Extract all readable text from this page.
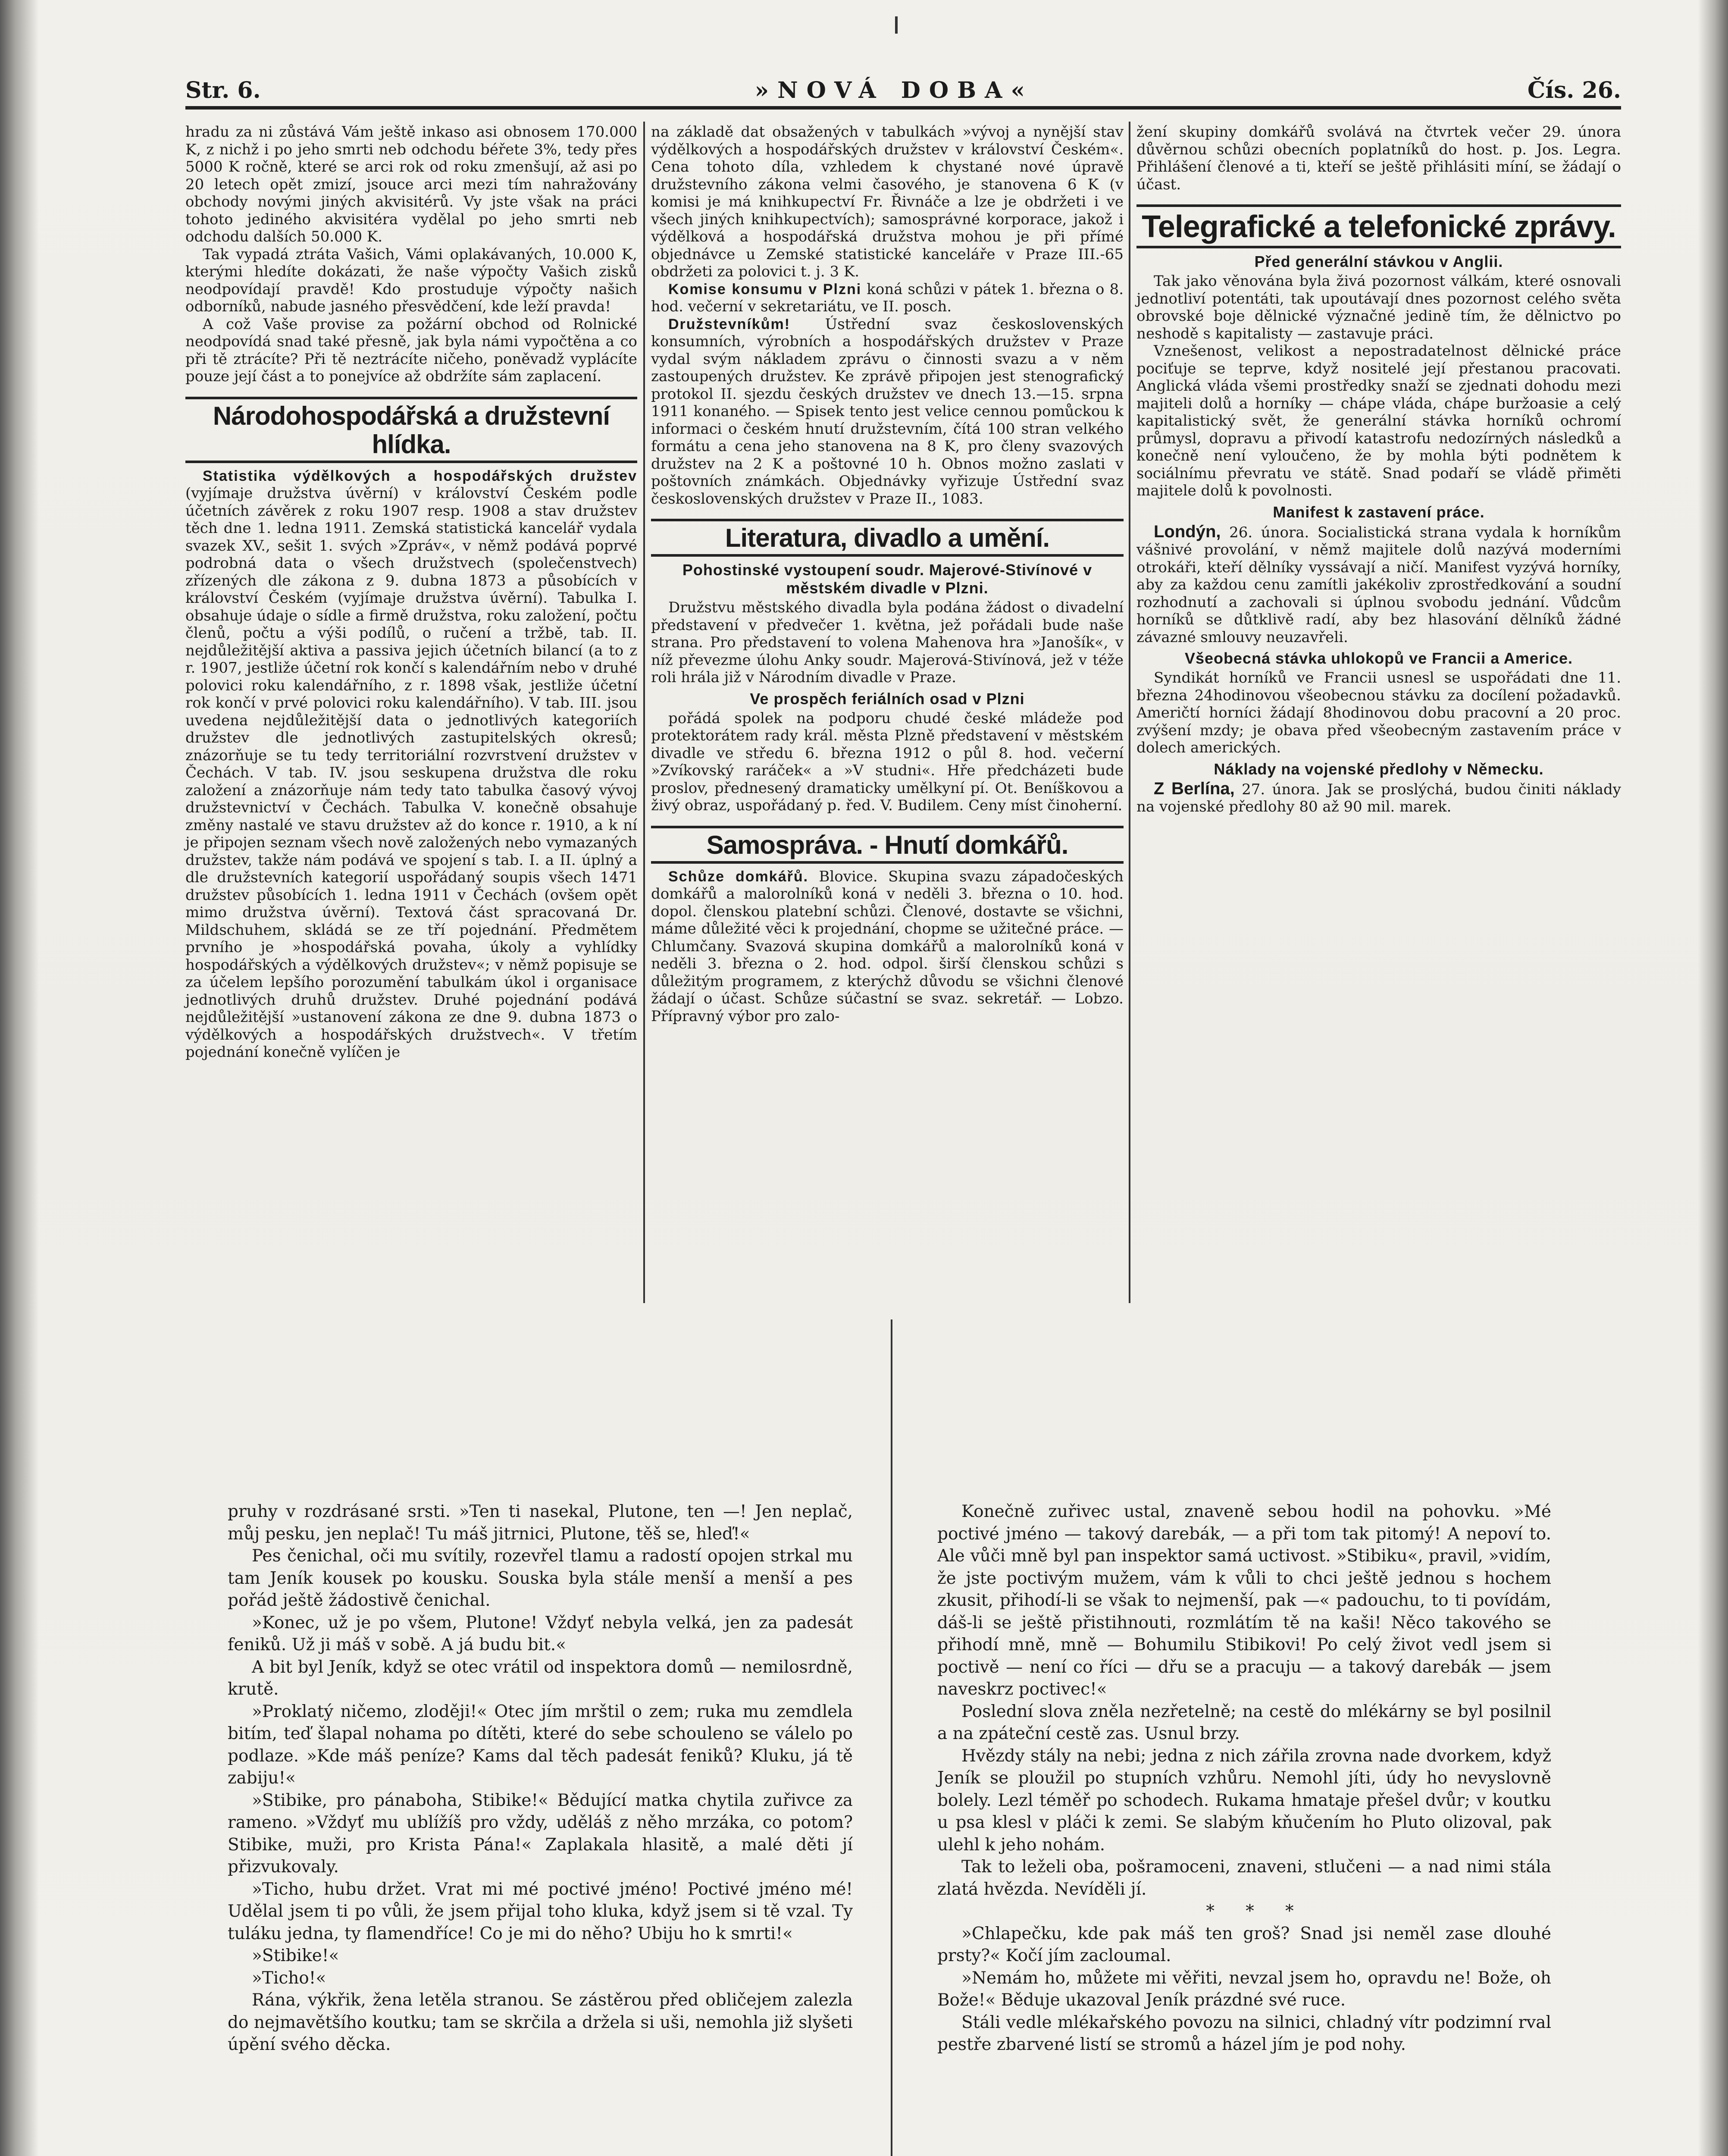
Str. 6.	»NOVÁ DOBA«	Čís. 26.

hradu za ni zůstává Vám ještě inkaso asi obnosem 170.000 K, z nichž i po jeho smrti neb odchodu béřete 3%, tedy přes 5000 K ročně, které se arci rok od roku zmenšují, až asi po 20 letech opět zmizí, jsouce arci mezi tím nahražovány obchody novými jiných akvisitérů. Vy jste však na práci tohoto jediného akvisitéra vydělal po jeho smrti neb odchodu dalších 50.000 K.

Tak vypadá ztráta Vašich, Vámi oplakávaných, 10.000 K, kterými hledíte dokázati, že naše výpočty Vašich zisků neodpovídají pravdě! Kdo prostuduje výpočty našich odborníků, nabude jasného přesvědčení, kde leží pravda!

A což Vaše provise za požární obchod od Rolnické neodpovídá snad také přesně, jak byla námi vypočtěna a co při tě ztrácíte? Při tě neztrácíte ničeho, poněvadž vyplácíte pouze její část a to ponejvíce až obdržíte sám zaplacení.

Národohospodářská a družstevní hlídka.

Statistika výdělkových a hospodářských družstev (vyjímaje družstva úvěrní) v království Českém podle účetních závěrek z roku 1907 resp. 1908 a stav družstev těch dne 1. ledna 1911. Zemská statistická kancelář vydala svazek XV., sešit 1. svých »Zpráv«, v němž podává poprvé podrobná data o všech družstvech (společenstvech) zřízených dle zákona z 9. dubna 1873 a působících v království Českém (vyjímaje družstva úvěrní). Tabulka I. obsahuje údaje o sídle a firmě družstva, roku založení, počtu členů, počtu a výši podílů, o ručení a tržbě, tab. II. nejdůležitější aktiva a passiva jejich účetních bilancí (a to z r. 1907, jestliže účetní rok končí s kalendářním nebo v druhé polovici roku kalendářního, z r. 1898 však, jestliže účetní rok končí v prvé polovici roku kalendářního). V tab. III. jsou uvedena nejdůležitější data o jednotlivých kategoriích družstev dle jednotlivých zastupitelských okresů; znázorňuje se tu tedy territoriální rozvrstvení družstev v Čechách. V tab. IV. jsou seskupena družstva dle roku založení a znázorňuje nám tedy tato tabulka časový vývoj družstevnictví v Čechách. Tabulka V. konečně obsahuje změny nastalé ve stavu družstev až do konce r. 1910, a k ní je připojen seznam všech nově založených nebo vymazaných družstev, takže nám podává ve spojení s tab. I. a II. úplný a dle družstevních kategorií uspořádaný soupis všech 1471 družstev působících 1. ledna 1911 v Čechách (ovšem opět mimo družstva úvěrní). Textová část spracovaná Dr. Mildschuhem, skládá se ze tří pojednání. Předmětem prvního je »hospodářská povaha, úkoly a vyhlídky hospodářských a výdělkových družstev«; v němž popisuje se za účelem lepšího porozumění tabulkám úkol i organisace jednotlivých druhů družstev. Druhé pojednání podává nejdůležitější »ustanovení zákona ze dne 9. dubna 1873 o výdělkových a hospodářských družstvech«. V třetím pojednání konečně vylíčen je

na základě dat obsažených v tabulkách »vývoj a nynější stav výdělkových a hospodářských družstev v království Českém«. Cena tohoto díla, vzhledem k chystané nové úpravě družstevního zákona velmi časového, je stanovena 6 K (v komisi je má knihkupectví Fr. Řivnáče a lze je obdržeti i ve všech jiných knihkupectvích); samosprávné korporace, jakož i výdělková a hospodářská družstva mohou je při přímé objednávce u Zemské statistické kanceláře v Praze III.-65 obdržeti za polovici t. j. 3 K.

Komise konsumu v Plzni koná schůzi v pátek 1. března o 8. hod. večerní v sekretariátu, ve II. posch.

Družstevníkům! Ústřední svaz československých konsumních, výrobních a hospodářských družstev v Praze vydal svým nákladem zprávu o činnosti svazu a v něm zastoupených družstev. Ke zprávě připojen jest stenografický protokol II. sjezdu českých družstev ve dnech 13.—15. srpna 1911 konaného. — Spisek tento jest velice cennou pomůckou k informaci o českém hnutí družstevním, čítá 100 stran velkého formátu a cena jeho stanovena na 8 K, pro členy svazových družstev na 2 K a poštovné 10 h. Obnos možno zaslati v poštovních známkách. Objednávky vyřizuje Ústřední svaz československých družstev v Praze II., 1083.

Literatura, divadlo a umění.
Pohostinské vystoupení soudr. Majerové-Stivínové v městském divadle v Plzni.

Družstvu městského divadla byla podána žádost o divadelní představení v předvečer 1. května, jež pořádali bude naše strana. Pro představení to volena Mahenova hra »Janošík«, v níž převezme úlohu Anky soudr. Majerová-Stivínová, jež v téže roli hrála již v Národním divadle v Praze.

Ve prospěch feriálních osad v Plzni

pořádá spolek na podporu chudé české mládeže pod protektorátem rady král. města Plzně představení v městském divadle ve středu 6. března 1912 o půl 8. hod. večerní »Zvíkovský raráček« a »V studni«. Hře předcházeti bude proslov, přednesený dramaticky umělkyní pí. Ot. Beníškovou a živý obraz, uspořádaný p. řed. V. Budilem. Ceny míst činoherní.

Samospráva. - Hnutí domkářů.

Schůze domkářů. Blovice. Skupina svazu západočeských domkářů a malorolníků koná v neděli 3. března o 10. hod. dopol. členskou platební schůzi. Členové, dostavte se všichni, máme důležité věci k projednání, chopme se užitečné práce. — Chlumčany. Svazová skupina domkářů a malorolníků koná v neděli 3. března o 2. hod. odpol. širší členskou schůzi s důležitým programem, z kterýchž důvodu se všichni členové žádají o účast. Schůze súčastní se svaz. sekretář. — Lobzo. Přípravný výbor pro zalo-

žení skupiny domkářů svolává na čtvrtek večer 29. února důvěrnou schůzi obecních poplatníků do host. p. Jos. Legra. Přihlášení členové a ti, kteří se ještě přihlásiti míní, se žádají o účast.

Telegrafické a telefonické zprávy.
Před generální stávkou v Anglii.

Tak jako věnována byla živá pozornost válkám, které osnovali jednotliví potentáti, tak upoutávají dnes pozornost celého světa obrovské boje dělnické význačné jedině tím, že dělnictvo po neshodě s kapitalisty — zastavuje práci.

Vznešenost, velikost a nepostradatelnost dělnické práce pociťuje se teprve, když nositelé její přestanou pracovati. Anglická vláda všemi prostředky snaží se zjednati dohodu mezi majiteli dolů a horníky — chápe vláda, chápe buržoasie a celý kapitalistický svět, že generální stávka horníků ochromí průmysl, dopravu a přivodí katastrofu nedozírných následků a konečně není vyloučeno, že by mohla býti podnětem k sociálnímu převratu ve státě. Snad podaří se vládě přiměti majitele dolů k povolnosti.

Manifest k zastavení práce.

Londýn, 26. února. Socialistická strana vydala k horníkům vášnivé provolání, v němž majitele dolů nazývá moderními otrokáři, kteří dělníky vyssávají a ničí. Manifest vyzývá horníky, aby za každou cenu zamítli jakékoliv zprostředkování a soudní rozhodnutí a zachovali si úplnou svobodu jednání. Vůdcům horníků se důtklivě radí, aby bez hlasování dělníků žádné závazné smlouvy neuzavřeli.

Všeobecná stávka uhlokopů ve Francii a Americe.

Syndikát horníků ve Francii usnesl se uspořádati dne 11. března 24hodinovou všeobecnou stávku za docílení požadavků. Američtí horníci žádají 8hodinovou dobu pracovní a 20 proc. zvýšení mzdy; je obava před všeobecným zastavením práce v dolech amerických.

Náklady na vojenské předlohy v Německu.

Z Berlína, 27. února. Jak se proslýchá, budou činiti náklady na vojenské předlohy 80 až 90 mil. marek.

pruhy v rozdrásané srsti. »Ten ti nasekal, Plutone, ten —! Jen neplač, můj pesku, jen neplač! Tu máš jitrnici, Plutone, těš se, hleď!«

Pes čenichal, oči mu svítily, rozevřel tlamu a radostí opojen strkal mu tam Jeník kousek po kousku. Souska byla stále menší a menší a pes pořád ještě žádostivě čenichal.

»Konec, už je po všem, Plutone! Vždyť nebyla velká, jen za padesát feniků. Už ji máš v sobě. A já budu bit.«

A bit byl Jeník, když se otec vrátil od inspektora domů — nemilosrdně, krutě.

»Proklatý ničemo, zloději!« Otec jím mrštil o zem; ruka mu zemdlela bitím, teď šlapal nohama po dítěti, které do sebe schouleno se válelo po podlaze. »Kde máš peníze? Kams dal těch padesát feniků? Kluku, já tě zabiju!«

»Stibike, pro pánaboha, Stibike!« Bědující matka chytila zuřivce za rameno. »Vždyť mu ublížíš pro vždy, uděláš z něho mrzáka, co potom? Stibike, muži, pro Krista Pána!« Zaplakala hlasitě, a malé děti jí přizvukovaly.

»Ticho, hubu držet. Vrat mi mé poctivé jméno! Poctivé jméno mé! Udělal jsem ti po vůli, že jsem přijal toho kluka, když jsem si tě vzal. Ty tuláku jedna, ty flamendříce! Co je mi do něho? Ubiju ho k smrti!«

»Stibike!«

»Ticho!«

Rána, výkřik, žena letěla stranou. Se zástěrou před obličejem zalezla do nejmavětšího koutku; tam se skrčila a držela si uši, nemohla již slyšeti úpění svého děcka.

Konečně zuřivec ustal, znaveně sebou hodil na pohovku. »Mé poctivé jméno — takový darebák, — a při tom tak pitomý! A nepoví to. Ale vůči mně byl pan inspektor samá uctivost. »Stibiku«, pravil, »vidím, že jste poctivým mužem, vám k vůli to chci ještě jednou s hochem zkusit, přihodí-li se však to nejmenší, pak —« padouchu, to ti povídám, dáš-li se ještě přistihnouti, rozmlátím tě na kaši! Něco takového se přihodí mně, mně — Bohumilu Stibikovi! Po celý život vedl jsem si poctivě — není co říci — dřu se a pracuju — a takový darebák — jsem naveskrz poctivec!«

Poslední slova zněla nezřetelně; na cestě do mlékárny se byl posilnil a na zpáteční cestě zas. Usnul brzy.

Hvězdy stály na nebi; jedna z nich zářila zrovna nade dvorkem, když Jeník se ploužil po stupních vzhůru. Nemohl jíti, údy ho nevyslovně bolely. Lezl téměř po schodech. Rukama hmataje přešel dvůr; v koutku u psa klesl v pláči k zemi. Se slabým kňučením ho Pluto olizoval, pak ulehl k jeho nohám.

Tak to leželi oba, pošramoceni, znaveni, stlučeni — a nad nimi stála zlatá hvězda. Nevíděli jí.

* * *

»Chlapečku, kde pak máš ten groš? Snad jsi neměl zase dlouhé prsty?« Kočí jím zacloumal.

»Nemám ho, můžete mi věřiti, nevzal jsem ho, opravdu ne! Bože, oh Bože!« Běduje ukazoval Jeník prázdné své ruce.

Stáli vedle mlékařského povozu na silnici, chladný vítr podzimní rval pestře zbarvené listí se stromů a házel jím je pod nohy.
